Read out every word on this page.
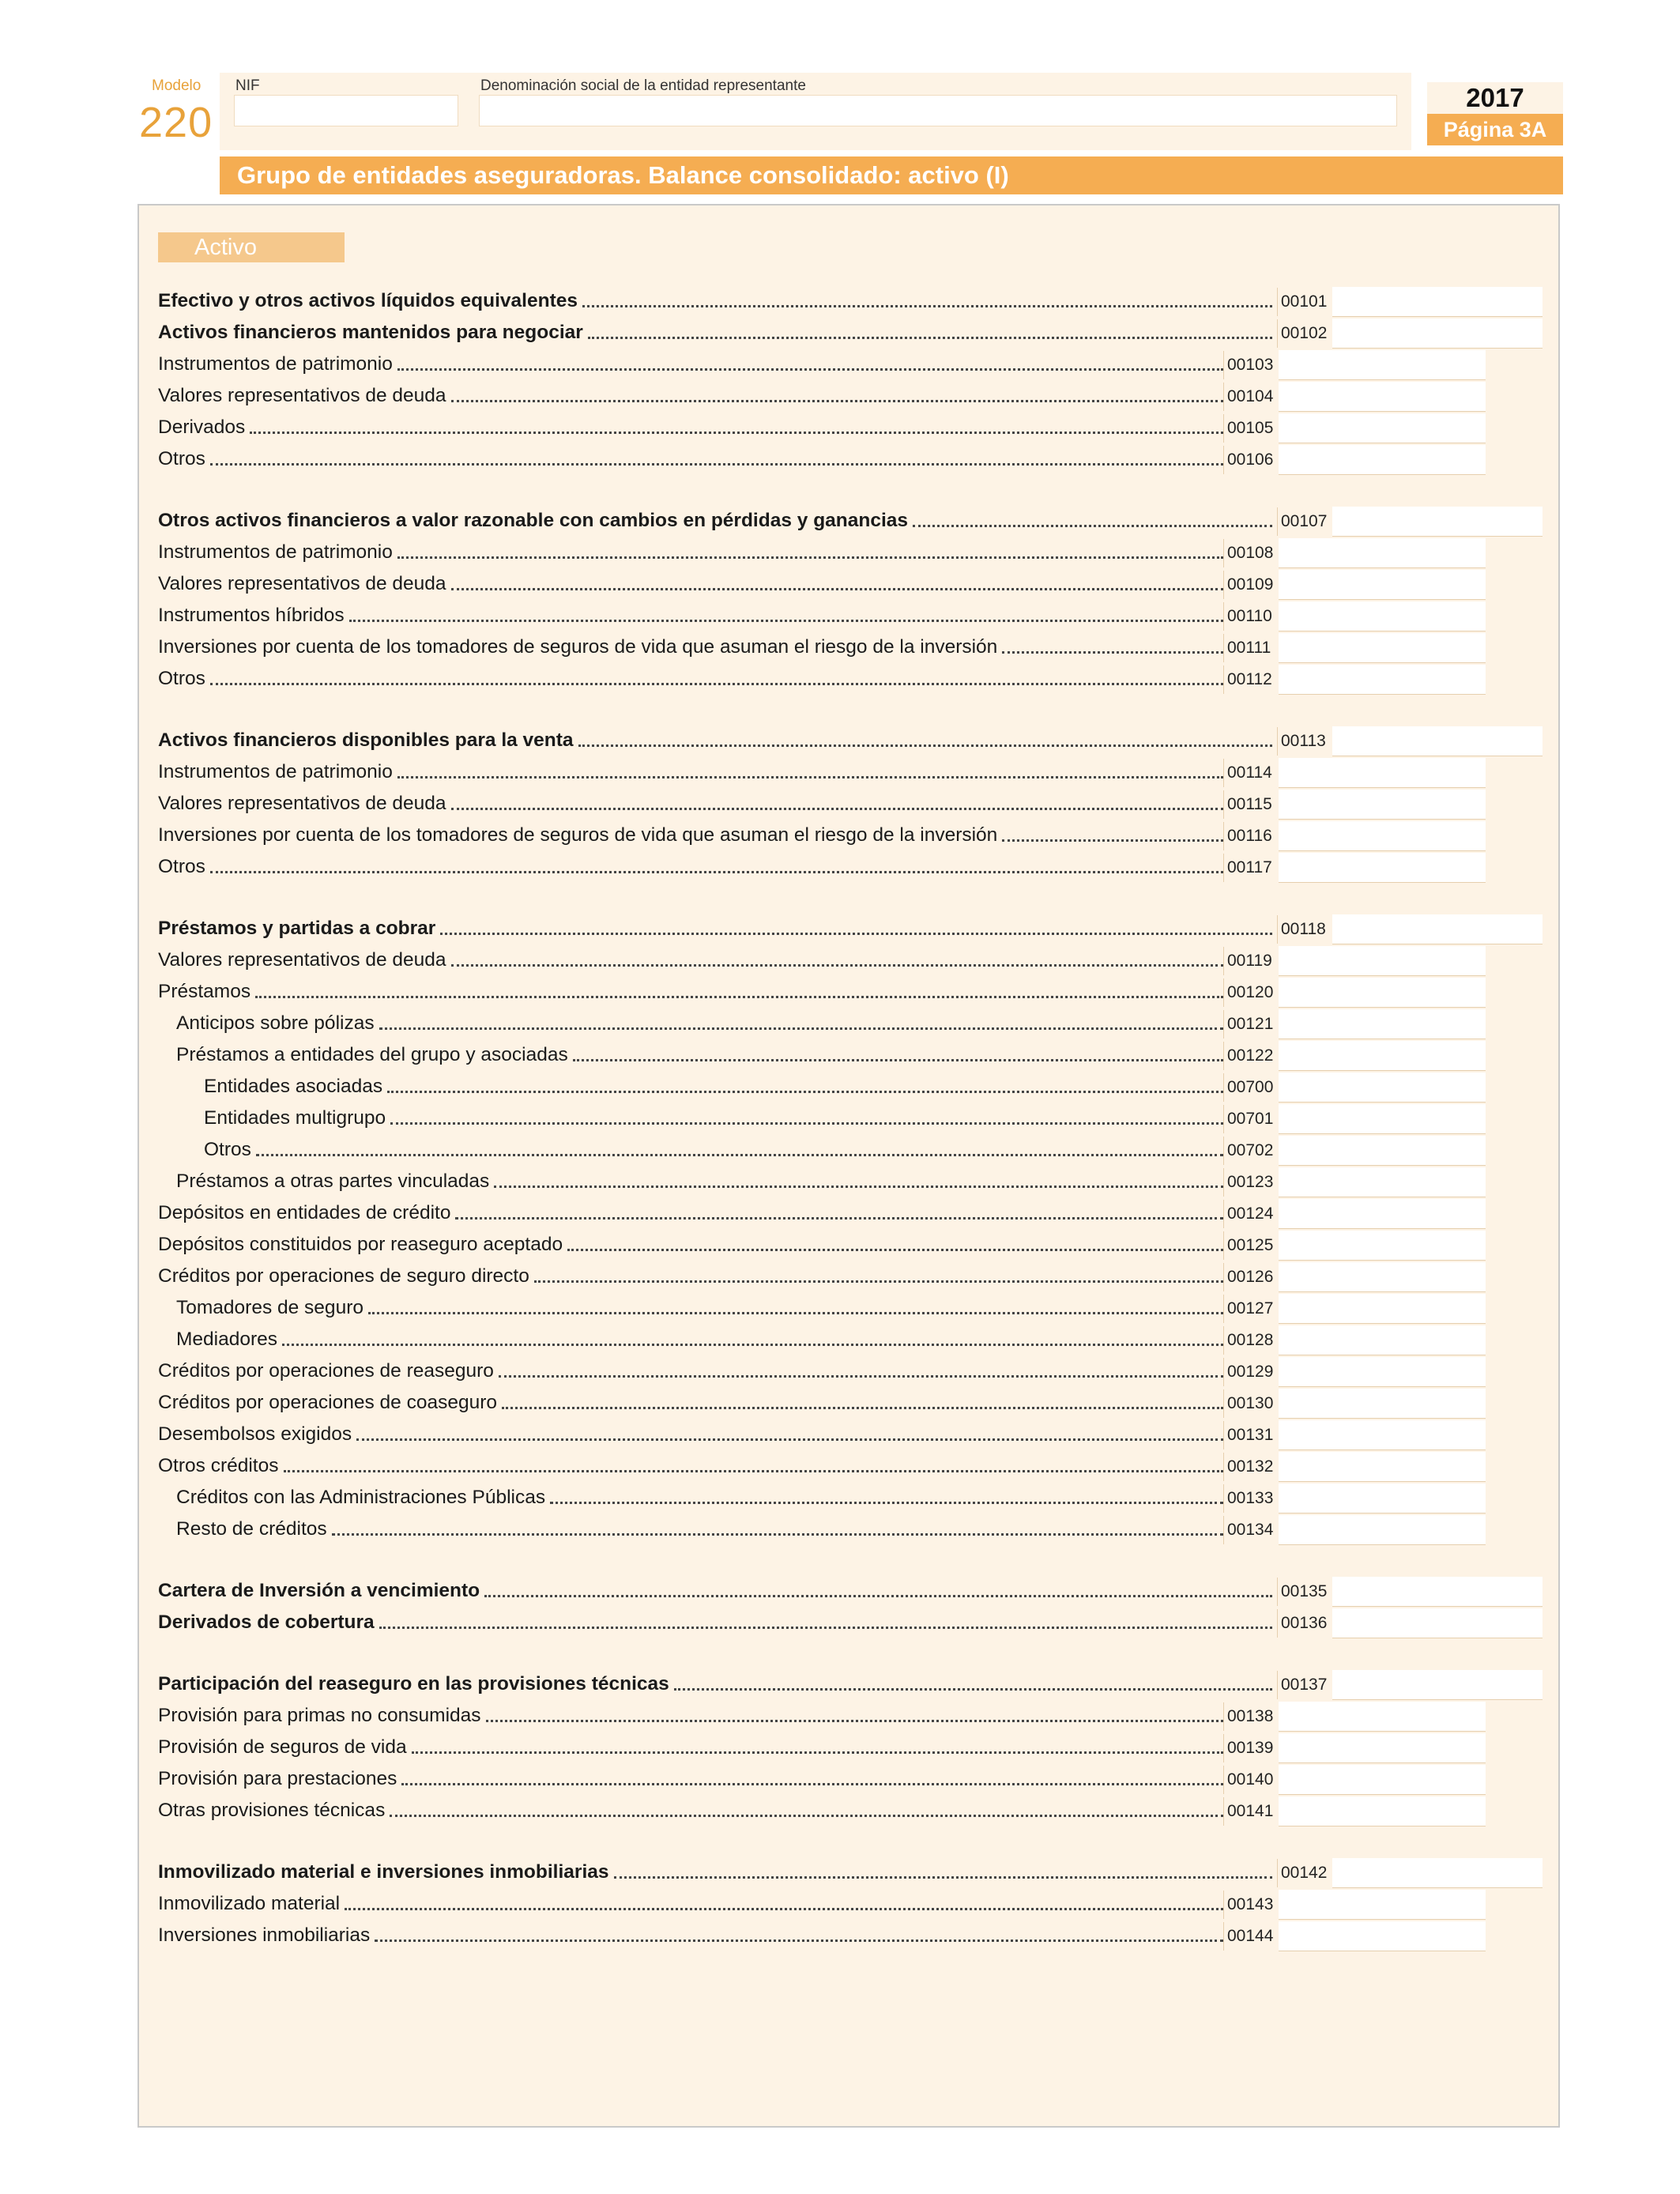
Modelo
220
NIF	Denominación social de la entidad representante	2017
Página 3A
Grupo de entidades aseguradoras. Balance consolidado: activo (I)
Activo
Efectivo y otros activos líquidos equivalentes	00101
Activos financieros mantenidos para negociar	00102
Instrumentos de patrimonio	00103
Valores representativos de deuda	00104
Derivados	00105
Otros	00106
Otros activos financieros a valor razonable con cambios en pérdidas y ganancias	00107
Instrumentos de patrimonio	00108
Valores representativos de deuda	00109
Instrumentos híbridos	00110
Inversiones por cuenta de los tomadores de seguros de vida que asuman el riesgo de la inversión	00111
Otros	00112
Activos financieros disponibles para la venta	00113
Instrumentos de patrimonio	00114
Valores representativos de deuda	00115
Inversiones por cuenta de los tomadores de seguros de vida que asuman el riesgo de la inversión	00116
Otros	00117
Préstamos y partidas a cobrar	00118
Valores representativos de deuda	00119
Préstamos	00120
Anticipos sobre pólizas	00121
Préstamos a entidades del grupo y asociadas	00122
Entidades asociadas	00700
Entidades multigrupo	00701
Otros	00702
Préstamos a otras partes vinculadas	00123
Depósitos en entidades de crédito	00124
Depósitos constituidos por reaseguro aceptado	00125
Créditos por operaciones de seguro directo	00126
Tomadores de seguro	00127
Mediadores	00128
Créditos por operaciones de reaseguro	00129
Créditos por operaciones de coaseguro	00130
Desembolsos exigidos	00131
Otros créditos	00132
Créditos con las Administraciones Públicas	00133
Resto de créditos	00134
Cartera de Inversión a vencimiento	00135
Derivados de cobertura	00136
Participación del reaseguro en las provisiones técnicas	00137
Provisión para primas no consumidas	00138
Provisión de seguros de vida	00139
Provisión para prestaciones	00140
Otras provisiones técnicas	00141
Inmovilizado material e inversiones inmobiliarias	00142
Inmovilizado material	00143
Inversiones inmobiliarias	00144
